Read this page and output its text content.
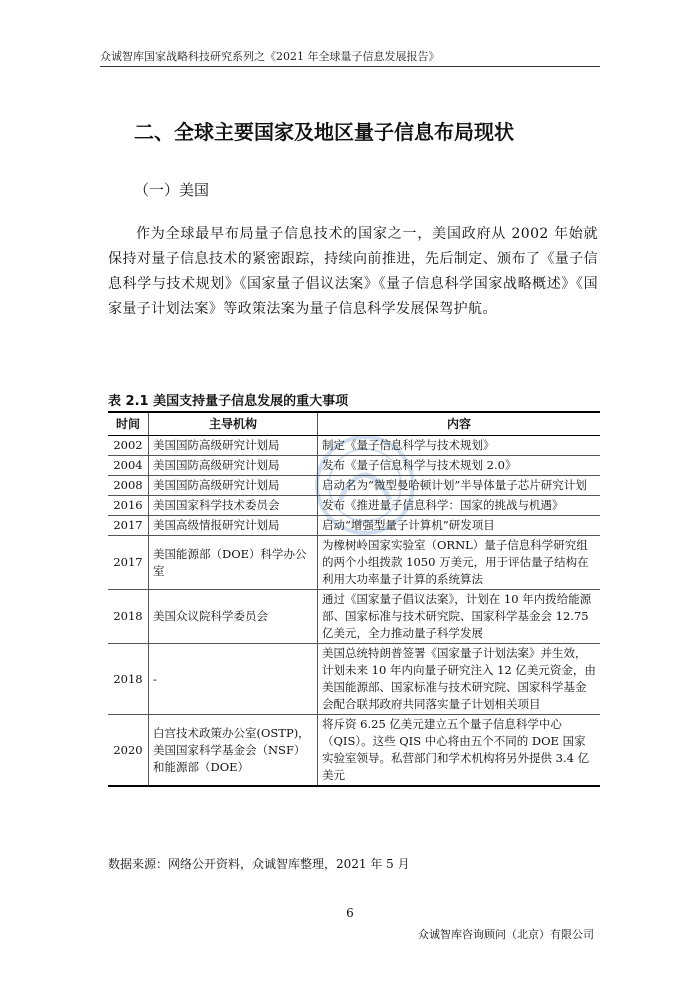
众诚智库国家战略科技研究系列之《2021 年全球量子信息发展报告》
二、全球主要国家及地区量子信息布局现状
（一）美国

作为全球最早布局量子信息技术的国家之一，美国政府从 2002 年始就保持对量子信息技术的紧密跟踪，持续向前推进，先后制定、颁布了《量子信息科学与技术规划》《国家量子倡议法案》《量子信息科学国家战略概述》《国家量子计划法案》等政策法案为量子信息科学发展保驾护航。

表 2.1 美国支持量子信息发展的重大事项
时间	主导机构	内容
2002	美国国防高级研究计划局	制定《量子信息科学与技术规划》
2004	美国国防高级研究计划局	发布《量子信息科学与技术规划 2.0》
2008	美国国防高级研究计划局	启动名为“微型曼哈顿计划”半导体量子芯片研究计划
2016	美国国家科学技术委员会	发布《推进量子信息科学：国家的挑战与机遇》
2017	美国高级情报研究计划局	启动“增强型量子计算机”研发项目
2017	美国能源部（DOE）科学办公室	为橡树岭国家实验室（ORNL）量子信息科学研究组的两个小组拨款 1050 万美元，用于评估量子结构在利用大功率量子计算的系统算法
2018	美国众议院科学委员会	通过《国家量子倡议法案》，计划在 10 年内拨给能源部、国家标准与技术研究院、国家科学基金会 12.75 亿美元，全力推动量子科学发展
2018	-	美国总统特朗普签署《国家量子计划法案》并生效，计划未来 10 年内向量子研究注入 12 亿美元资金，由美国能源部、国家标准与技术研究院、国家科学基金会配合联邦政府共同落实量子计划相关项目
2020	白宫技术政策办公室(OSTP)，美国国家科学基金会（NSF）和能源部（DOE）	将斥资 6.25 亿美元建立五个量子信息科学中心（QIS）。这些 QIS 中心将由五个不同的 DOE 国家实验室领导。私营部门和学术机构将另外提供 3.4 亿美元
数据来源：网络公开资料，众诚智库整理，2021 年 5 月
6
众诚智库咨询顾问（北京）有限公司
